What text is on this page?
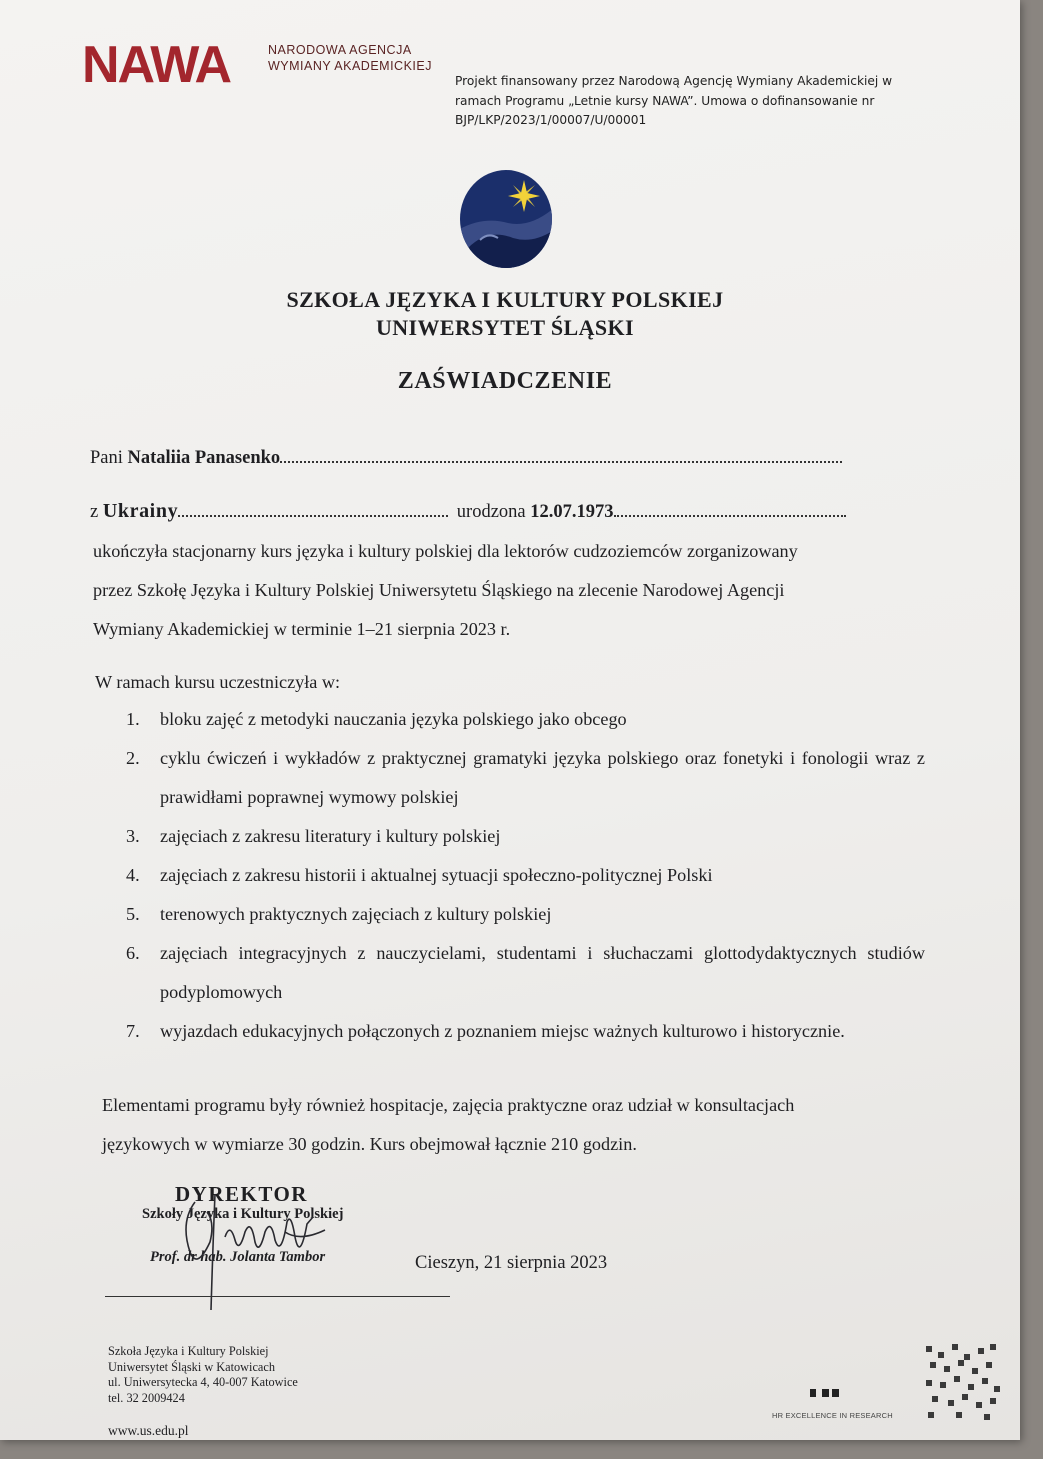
NAWA	NARODOWA AGENCJA
WYMIANY AKADEMICKIEJ
Projekt finansowany przez Narodową Agencję Wymiany Akademickiej w
ramach Programu „Letnie kursy NAWA”. Umowa o dofinansowanie nr
BJP/LKP/2023/1/00007/U/00001
SZKOŁA JĘZYKA I KULTURY POLSKIEJ
UNIWERSYTET ŚLĄSKI
ZAŚWIADCZENIE
Pani Nataliia Panasenko
z Ukrainy	urodzona 12.07.1973
ukończyła stacjonarny kurs języka i kultury polskiej dla lektorów cudzoziemców zorganizowany
przez Szkołę Języka i Kultury Polskiej Uniwersytetu Śląskiego na zlecenie Narodowej Agencji
Wymiany Akademickiej w terminie 1–21 sierpnia 2023 r.
W ramach kursu uczestniczyła w:
1. bloku zajęć z metodyki nauczania języka polskiego jako obcego
2. cyklu ćwiczeń i wykładów z praktycznej gramatyki języka polskiego oraz fonetyki i fonologii wraz z prawidłami poprawnej wymowy polskiej
3. zajęciach z zakresu literatury i kultury polskiej
4. zajęciach z zakresu historii i aktualnej sytuacji społeczno-politycznej Polski
5. terenowych praktycznych zajęciach z kultury polskiej
6. zajęciach integracyjnych z nauczycielami, studentami i słuchaczami glottodydaktycznych studiów podyplomowych
7. wyjazdach edukacyjnych połączonych z poznaniem miejsc ważnych kulturowo i historycznie.
Elementami programu były również hospitacje, zajęcia praktyczne oraz udział w konsultacjach
językowych w wymiarze 30 godzin. Kurs obejmował łącznie 210 godzin.
DYREKTOR
Szkoły Języka i Kultury Polskiej
Prof. dr hab. Jolanta Tambor	Cieszyn, 21 sierpnia 2023
Szkoła Języka i Kultury Polskiej
Uniwersytet Śląski w Katowicach
ul. Uniwersytecka 4, 40-007 Katowice
tel. 32 2009424
www.us.edu.pl
HR EXCELLENCE IN RESEARCH
